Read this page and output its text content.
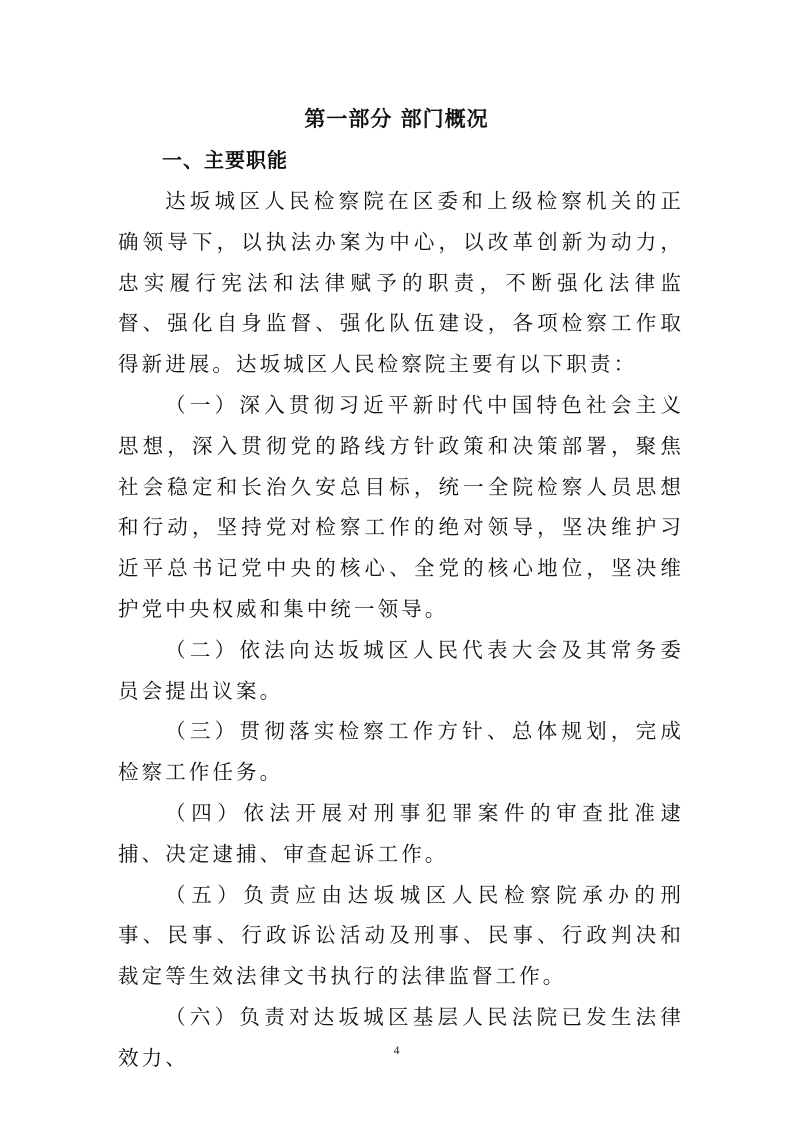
第一部分 部门概况
一、主要职能

达坂城区人民检察院在区委和上级检察机关的正确领导下，以执法办案为中心，以改革创新为动力，忠实履行宪法和法律赋予的职责，不断强化法律监督、强化自身监督、强化队伍建设，各项检察工作取得新进展。达坂城区人民检察院主要有以下职责：

（一）深入贯彻习近平新时代中国特色社会主义思想，深入贯彻党的路线方针政策和决策部署，聚焦社会稳定和长治久安总目标，统一全院检察人员思想和行动，坚持党对检察工作的绝对领导，坚决维护习近平总书记党中央的核心、全党的核心地位，坚决维护党中央权威和集中统一领导。

（二）依法向达坂城区人民代表大会及其常务委员会提出议案。

（三）贯彻落实检察工作方针、总体规划，完成检察工作任务。

（四）依法开展对刑事犯罪案件的审查批准逮捕、决定逮捕、审查起诉工作。

（五）负责应由达坂城区人民检察院承办的刑事、民事、行政诉讼活动及刑事、民事、行政判决和裁定等生效法律文书执行的法律监督工作。

（六）负责对达坂城区基层人民法院已发生法律效力、	4
